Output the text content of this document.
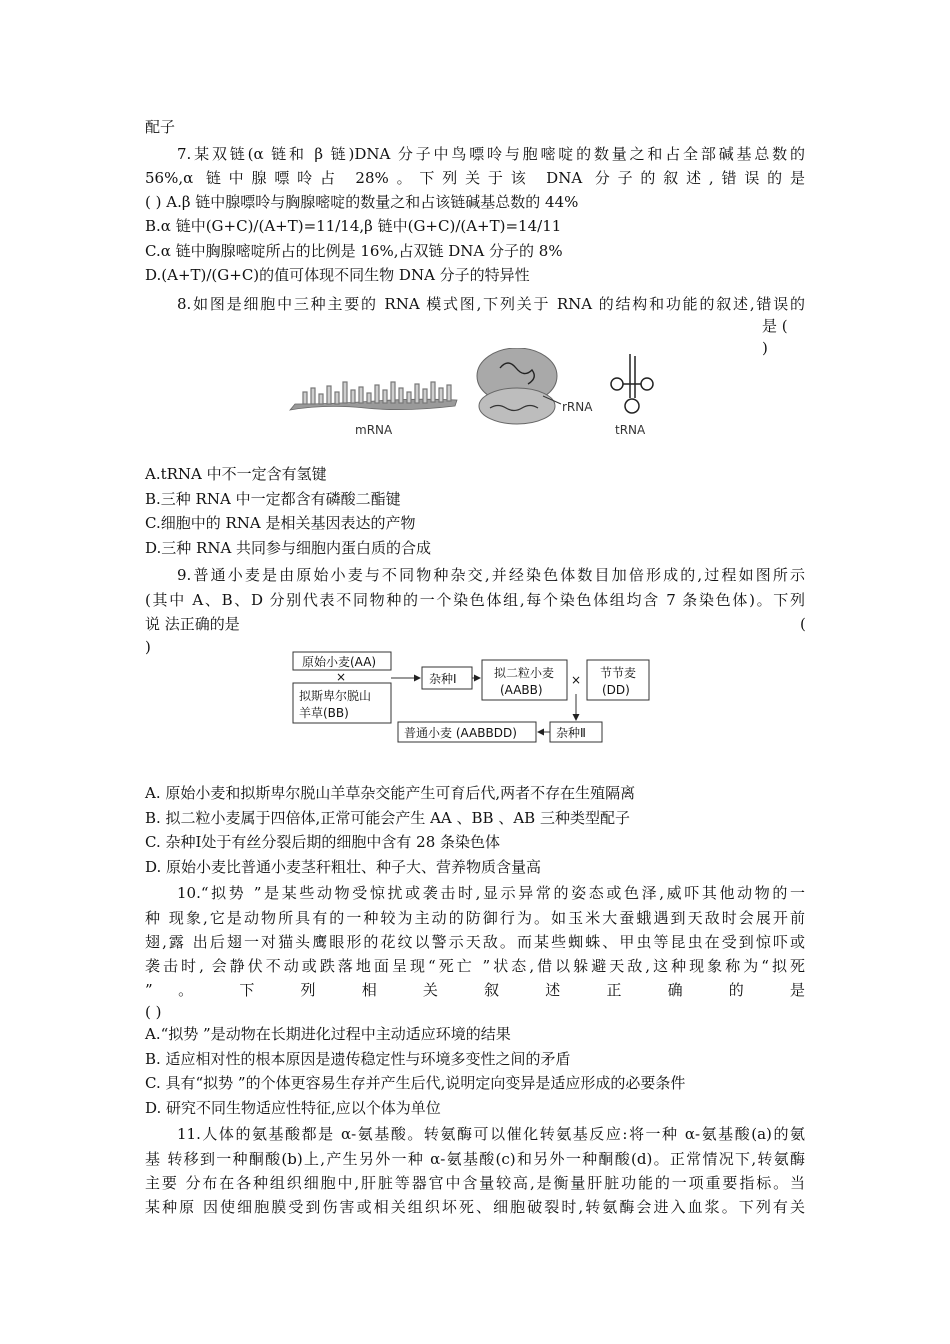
配子
7.某双链(α 链和 β 链)DNA 分子中鸟嘌呤与胞嘧啶的数量之和占全部碱基总数的
56%,α 链中腺嘌呤占 28%。下列关于该 DNA 分子的叙述,错误的是
( ) A.β 链中腺嘌呤与胸腺嘧啶的数量之和占该链碱基总数的 44%
B.α 链中(G+C)/(A+T)=11/14,β 链中(G+C)/(A+T)=14/11
C.α 链中胸腺嘧啶所占的比例是 16%,占双链 DNA 分子的 8%
D.(A+T)/(G+C)的值可体现不同生物 DNA 分子的特异性
8.如图是细胞中三种主要的 RNA 模式图,下列关于 RNA 的结构和功能的叙述,错误的
是 (
)
mRNA
rRNA
tRNA
A.tRNA 中不一定含有氢键
B.三种 RNA 中一定都含有磷酸二酯键
C.细胞中的 RNA 是相关基因表达的产物
D.三种 RNA 共同参与细胞内蛋白质的合成
9.普通小麦是由原始小麦与不同物种杂交,并经染色体数目加倍形成的,过程如图所示
(其中 A、B、D 分别代表不同物种的一个染色体组,每个染色体组均含 7 条染色体)。下列
说 法正确的是	(
)
原始小麦(AA)
×
拟斯卑尔脱山
羊草(BB)
杂种Ⅰ	拟二粒小麦
(AABB)
× 节节麦
(DD)
普通小麦 (AABBDD)	杂种Ⅱ
A. 原始小麦和拟斯卑尔脱山羊草杂交能产生可育后代,两者不存在生殖隔离
B. 拟二粒小麦属于四倍体,正常可能会产生 AA 、BB 、AB 三种类型配子
C. 杂种Ⅰ处于有丝分裂后期的细胞中含有 28 条染色体
D. 原始小麦比普通小麦茎秆粗壮、种子大、营养物质含量高
10.“拟势 ”是某些动物受惊扰或袭击时,显示异常的姿态或色泽,威吓其他动物的一
种 现象,它是动物所具有的一种较为主动的防御行为。如玉米大蚕蛾遇到天敌时会展开前
翅,露 出后翅一对猫头鹰眼形的花纹以警示天敌。而某些蜘蛛、甲虫等昆虫在受到惊吓或
袭击时, 会静伏不动或跌落地面呈现“死亡 ”状态,借以躲避天敌,这种现象称为“拟死
” 。 下 列 相 关 叙 述 正 确 的 是
( )
A.“拟势 ”是动物在长期进化过程中主动适应环境的结果
B. 适应相对性的根本原因是遗传稳定性与环境多变性之间的矛盾
C. 具有“拟势 ”的个体更容易生存并产生后代,说明定向变异是适应形成的必要条件
D. 研究不同生物适应性特征,应以个体为单位
11.人体的氨基酸都是 α-氨基酸。转氨酶可以催化转氨基反应:将一种 α-氨基酸(a)的氨
基 转移到一种酮酸(b)上,产生另外一种 α-氨基酸(c)和另外一种酮酸(d)。正常情况下,转氨酶
主要 分布在各种组织细胞中,肝脏等器官中含量较高,是衡量肝脏功能的一项重要指标。当
某种原 因使细胞膜受到伤害或相关组织坏死、细胞破裂时,转氨酶会进入血浆。下列有关
